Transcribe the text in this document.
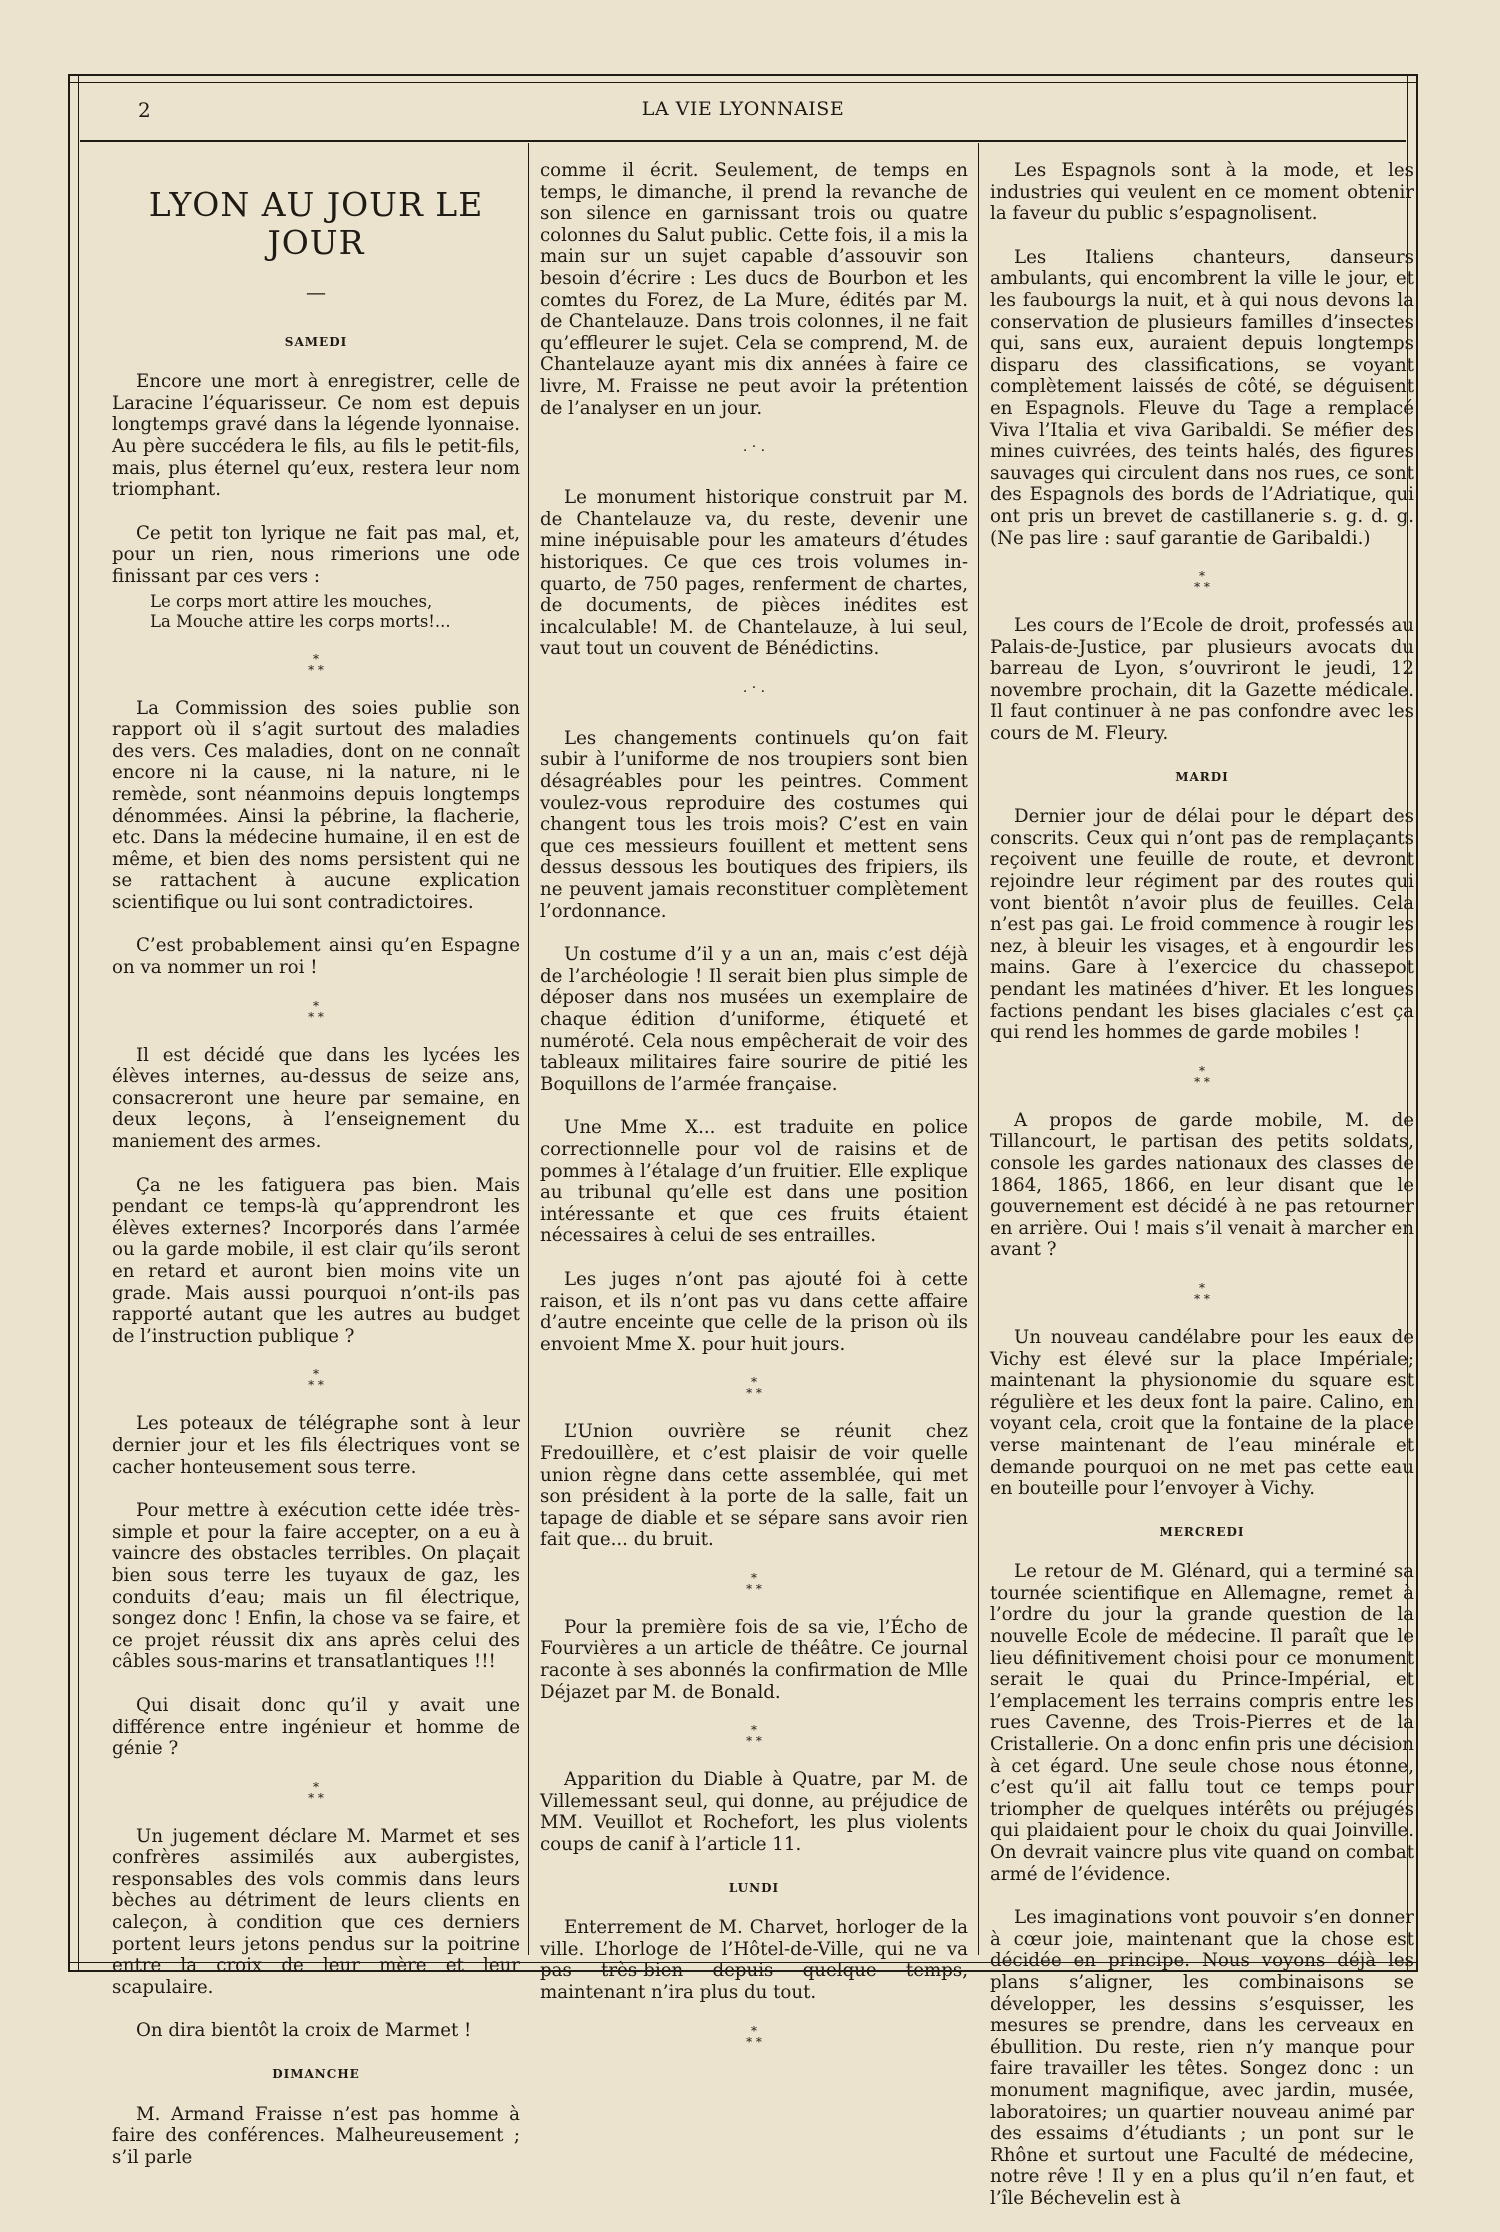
2	LA VIE LYONNAISE
LYON AU JOUR LE JOUR
—
SAMEDI

Encore une mort à enregistrer, celle de Laracine l’équarisseur. Ce nom est depuis longtemps gravé dans la légende lyonnaise. Au père succédera le fils, au fils le petit-fils, mais, plus éternel qu’eux, restera leur nom triomphant.

Ce petit ton lyrique ne fait pas mal, et, pour un rien, nous rimerions une ode finissant par ces vers :

Le corps mort attire les mouches,
La Mouche attire les corps morts!...
*
* *

La Commission des soies publie son rapport où il s’agit surtout des maladies des vers. Ces maladies, dont on ne connaît encore ni la cause, ni la nature, ni le remède, sont néanmoins depuis longtemps dénommées. Ainsi la pébrine, la flacherie, etc. Dans la médecine humaine, il en est de même, et bien des noms persistent qui ne se rattachent à aucune explication scientifique ou lui sont contradictoires.

C’est probablement ainsi qu’en Espagne on va nommer un roi !

*
* *

Il est décidé que dans les lycées les élèves internes, au-dessus de seize ans, consacreront une heure par semaine, en deux leçons, à l’enseignement du maniement des armes.

Ça ne les fatiguera pas bien. Mais pendant ce temps-là qu’apprendront les élèves externes? Incorporés dans l’armée ou la garde mobile, il est clair qu’ils seront en retard et auront bien moins vite un grade. Mais aussi pourquoi n’ont-ils pas rapporté autant que les autres au budget de l’instruction publique ?

*
* *

Les poteaux de télégraphe sont à leur dernier jour et les fils électriques vont se cacher honteusement sous terre.

Pour mettre à exécution cette idée très-simple et pour la faire accepter, on a eu à vaincre des obstacles terribles. On plaçait bien sous terre les tuyaux de gaz, les conduits d’eau; mais un fil électrique, songez donc ! Enfin, la chose va se faire, et ce projet réussit dix ans après celui des câbles sous-marins et transatlantiques !!!

Qui disait donc qu’il y avait une différence entre ingénieur et homme de génie ?

*
* *

Un jugement déclare M. Marmet et ses confrères assimilés aux aubergistes, responsables des vols commis dans leurs bèches au détriment de leurs clients en caleçon, à condition que ces derniers portent leurs jetons pendus sur la poitrine entre la croix de leur mère et leur scapulaire.

On dira bientôt la croix de Marmet !

DIMANCHE

M. Armand Fraisse n’est pas homme à faire des conférences. Malheureusement ; s’il parle

comme il écrit. Seulement, de temps en temps, le dimanche, il prend la revanche de son silence en garnissant trois ou quatre colonnes du Salut public. Cette fois, il a mis la main sur un sujet capable d’assouvir son besoin d’écrire : Les ducs de Bourbon et les comtes du Forez, de La Mure, édités par M. de Chantelauze. Dans trois colonnes, il ne fait qu’effleurer le sujet. Cela se comprend, M. de Chantelauze ayant mis dix années à faire ce livre, M. Fraisse ne peut avoir la prétention de l’analyser en un jour.

. · .

Le monument historique construit par M. de Chantelauze va, du reste, devenir une mine inépuisable pour les amateurs d’études historiques. Ce que ces trois volumes in-quarto, de 750 pages, renferment de chartes, de documents, de pièces inédites est incalculable! M. de Chantelauze, à lui seul, vaut tout un couvent de Bénédictins.

. · .

Les changements continuels qu’on fait subir à l’uniforme de nos troupiers sont bien désagréables pour les peintres. Comment voulez-vous reproduire des costumes qui changent tous les trois mois? C’est en vain que ces messieurs fouillent et mettent sens dessus dessous les boutiques des fripiers, ils ne peuvent jamais reconstituer complètement l’ordonnance.

Un costume d’il y a un an, mais c’est déjà de l’archéologie ! Il serait bien plus simple de déposer dans nos musées un exemplaire de chaque édition d’uniforme, étiqueté et numéroté. Cela nous empêcherait de voir des tableaux militaires faire sourire de pitié les Boquillons de l’armée française.

Une Mme X... est traduite en police correctionnelle pour vol de raisins et de pommes à l’étalage d’un fruitier. Elle explique au tribunal qu’elle est dans une position intéressante et que ces fruits étaient nécessaires à celui de ses entrailles.

Les juges n’ont pas ajouté foi à cette raison, et ils n’ont pas vu dans cette affaire d’autre enceinte que celle de la prison où ils envoient Mme X. pour huit jours.

*
* *

L’Union ouvrière se réunit chez Fredouillère, et c’est plaisir de voir quelle union règne dans cette assemblée, qui met son président à la porte de la salle, fait un tapage de diable et se sépare sans avoir rien fait que... du bruit.

*
* *

Pour la première fois de sa vie, l’Écho de Fourvières a un article de théâtre. Ce journal raconte à ses abonnés la confirmation de Mlle Déjazet par M. de Bonald.

*
* *

Apparition du Diable à Quatre, par M. de Villemessant seul, qui donne, au préjudice de MM. Veuillot et Rochefort, les plus violents coups de canif à l’article 11.

LUNDI

Enterrement de M. Charvet, horloger de la ville. L’horloge de l’Hôtel-de-Ville, qui ne va pas très-bien depuis quelque temps, maintenant n’ira plus du tout.

*
* *

Les Espagnols sont à la mode, et les industries qui veulent en ce moment obtenir la faveur du public s’espagnolisent.

Les Italiens chanteurs, danseurs ambulants, qui encombrent la ville le jour, et les faubourgs la nuit, et à qui nous devons la conservation de plusieurs familles d’insectes qui, sans eux, auraient depuis longtemps disparu des classifications, se voyant complètement laissés de côté, se déguisent en Espagnols. Fleuve du Tage a remplacé Viva l’Italia et viva Garibaldi. Se méfier des mines cuivrées, des teints halés, des figures sauvages qui circulent dans nos rues, ce sont des Espagnols des bords de l’Adriatique, qui ont pris un brevet de castillanerie s. g. d. g. (Ne pas lire : sauf garantie de Garibaldi.)

*
* *

Les cours de l’Ecole de droit, professés au Palais-de-Justice, par plusieurs avocats du barreau de Lyon, s’ouvriront le jeudi, 12 novembre prochain, dit la Gazette médicale. Il faut continuer à ne pas confondre avec les cours de M. Fleury.

MARDI

Dernier jour de délai pour le départ des conscrits. Ceux qui n’ont pas de remplaçants reçoivent une feuille de route, et devront rejoindre leur régiment par des routes qui vont bientôt n’avoir plus de feuilles. Cela n’est pas gai. Le froid commence à rougir les nez, à bleuir les visages, et à engourdir les mains. Gare à l’exercice du chassepot pendant les matinées d’hiver. Et les longues factions pendant les bises glaciales c’est ça qui rend les hommes de garde mobiles !

*
* *

A propos de garde mobile, M. de Tillancourt, le partisan des petits soldats, console les gardes nationaux des classes de 1864, 1865, 1866, en leur disant que le gouvernement est décidé à ne pas retourner en arrière. Oui ! mais s’il venait à marcher en avant ?

*
* *

Un nouveau candélabre pour les eaux de Vichy est élevé sur la place Impériale; maintenant la physionomie du square est régulière et les deux font la paire. Calino, en voyant cela, croit que la fontaine de la place verse maintenant de l’eau minérale et demande pourquoi on ne met pas cette eau en bouteille pour l’envoyer à Vichy.

MERCREDI

Le retour de M. Glénard, qui a terminé sa tournée scientifique en Allemagne, remet à l’ordre du jour la grande question de la nouvelle Ecole de médecine. Il paraît que le lieu définitivement choisi pour ce monument serait le quai du Prince-Impérial, et l’emplacement les terrains compris entre les rues Cavenne, des Trois-Pierres et de la Cristallerie. On a donc enfin pris une décision à cet égard. Une seule chose nous étonne, c’est qu’il ait fallu tout ce temps pour triompher de quelques intérêts ou préjugés qui plaidaient pour le choix du quai Joinville. On devrait vaincre plus vite quand on combat armé de l’évidence.

Les imaginations vont pouvoir s’en donner à cœur joie, maintenant que la chose est décidée en principe. Nous voyons déjà les plans s’aligner, les combinaisons se développer, les dessins s’esquisser, les mesures se prendre, dans les cerveaux en ébullition. Du reste, rien n’y manque pour faire travailler les têtes. Songez donc : un monument magnifique, avec jardin, musée, laboratoires; un quartier nouveau animé par des essaims d’étudiants ; un pont sur le Rhône et surtout une Faculté de médecine, notre rêve ! Il y en a plus qu’il n’en faut, et l’île Béchevelin est à
